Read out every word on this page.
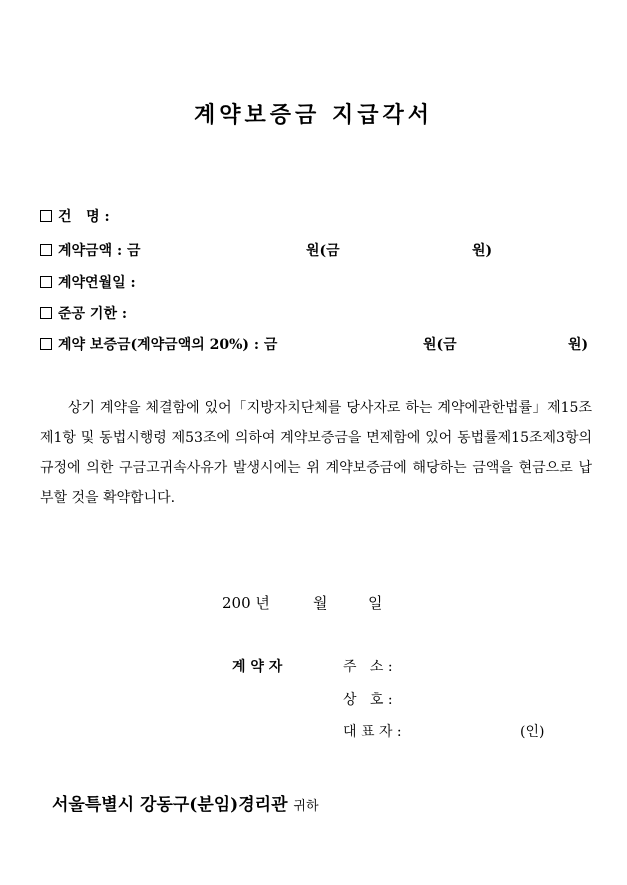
계약보증금 지급각서
건   명 :
계약금액 : 금	원(금	원)
계약연월일 :
준공 기한 :
계약 보증금(계약금액의 20%) : 금	원(금	원)
상기 계약을 체결함에 있어「지방자치단체를 당사자로 하는 계약에관한법률」제15조제1항 및 동법시행령 제53조에 의하여 계약보증금을 면제함에 있어 동법률제15조제3항의 규정에 의한 구금고귀속사유가 발생시에는 위 계약보증금에 해당하는 금액을 현금으로 납부할 것을 확약합니다.
200 년	월	일
계 약 자	주   소 :
상   호 :
대 표 자 :	(인)
서울특별시 강동구(분임)경리관 귀하
